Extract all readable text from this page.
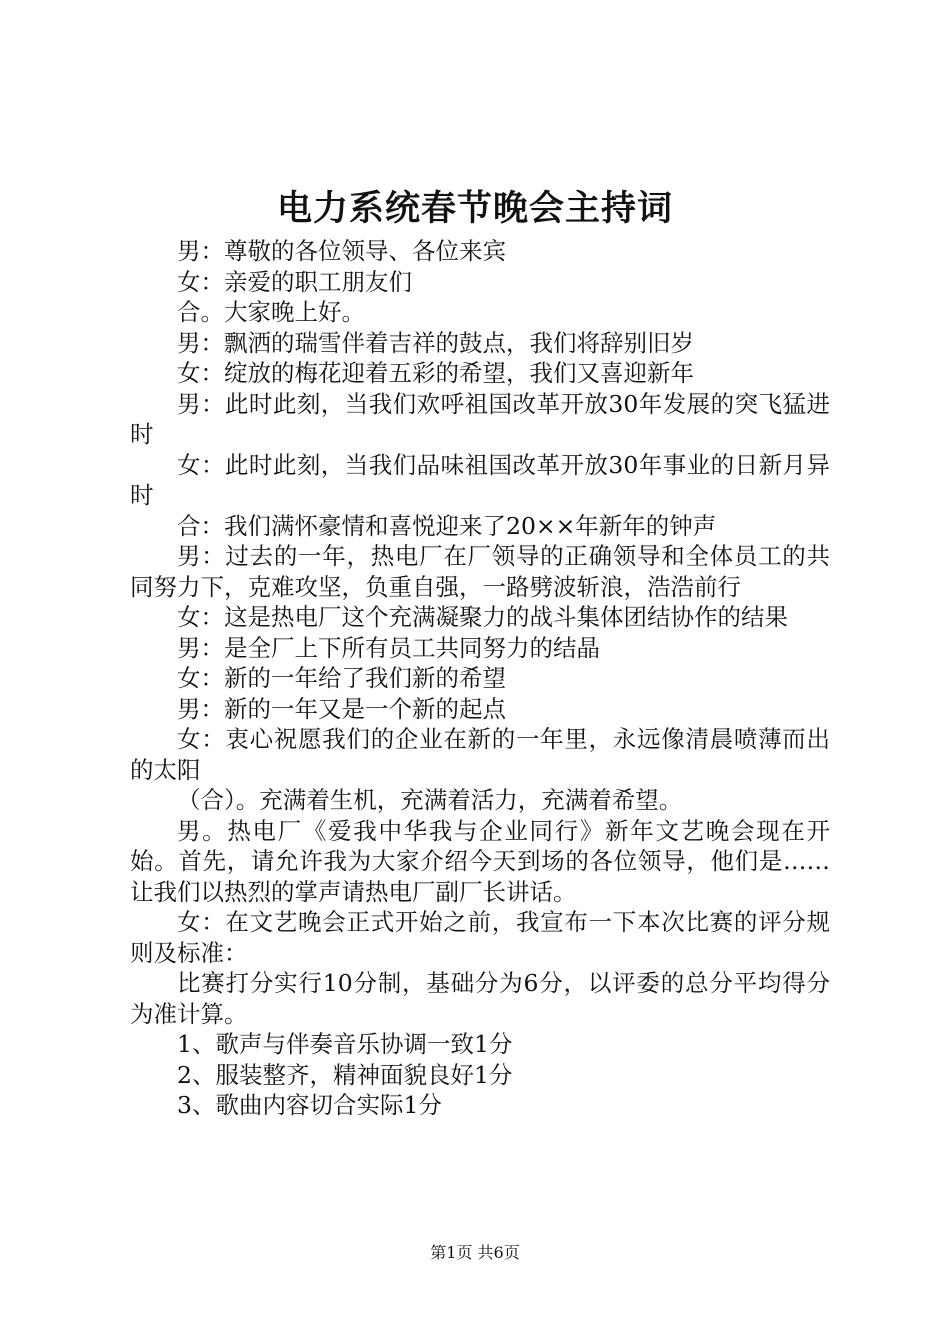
电力系统春节晚会主持词

男：尊敬的各位领导、各位来宾

女：亲爱的职工朋友们

合。大家晚上好。

男：飘洒的瑞雪伴着吉祥的鼓点，我们将辞别旧岁

女：绽放的梅花迎着五彩的希望，我们又喜迎新年

男：此时此刻，当我们欢呼祖国改革开放30年发展的突飞猛进时

女：此时此刻，当我们品味祖国改革开放30年事业的日新月异时

合：我们满怀豪情和喜悦迎来了20××年新年的钟声

男：过去的一年，热电厂在厂领导的正确领导和全体员工的共同努力下，克难攻坚，负重自强，一路劈波斩浪，浩浩前行

女：这是热电厂这个充满凝聚力的战斗集体团结协作的结果

男：是全厂上下所有员工共同努力的结晶

女：新的一年给了我们新的希望

男：新的一年又是一个新的起点

女：衷心祝愿我们的企业在新的一年里，永远像清晨喷薄而出的太阳

（合）。充满着生机，充满着活力，充满着希望。

男。热电厂《爱我中华我与企业同行》新年文艺晚会现在开始。首先，请允许我为大家介绍今天到场的各位领导，他们是……让我们以热烈的掌声请热电厂副厂长讲话。

女：在文艺晚会正式开始之前，我宣布一下本次比赛的评分规则及标准：

比赛打分实行10分制，基础分为6分，以评委的总分平均得分为准计算。

1、歌声与伴奏音乐协调一致1分

2、服装整齐，精神面貌良好1分

3、歌曲内容切合实际1分

第1页 共6页
